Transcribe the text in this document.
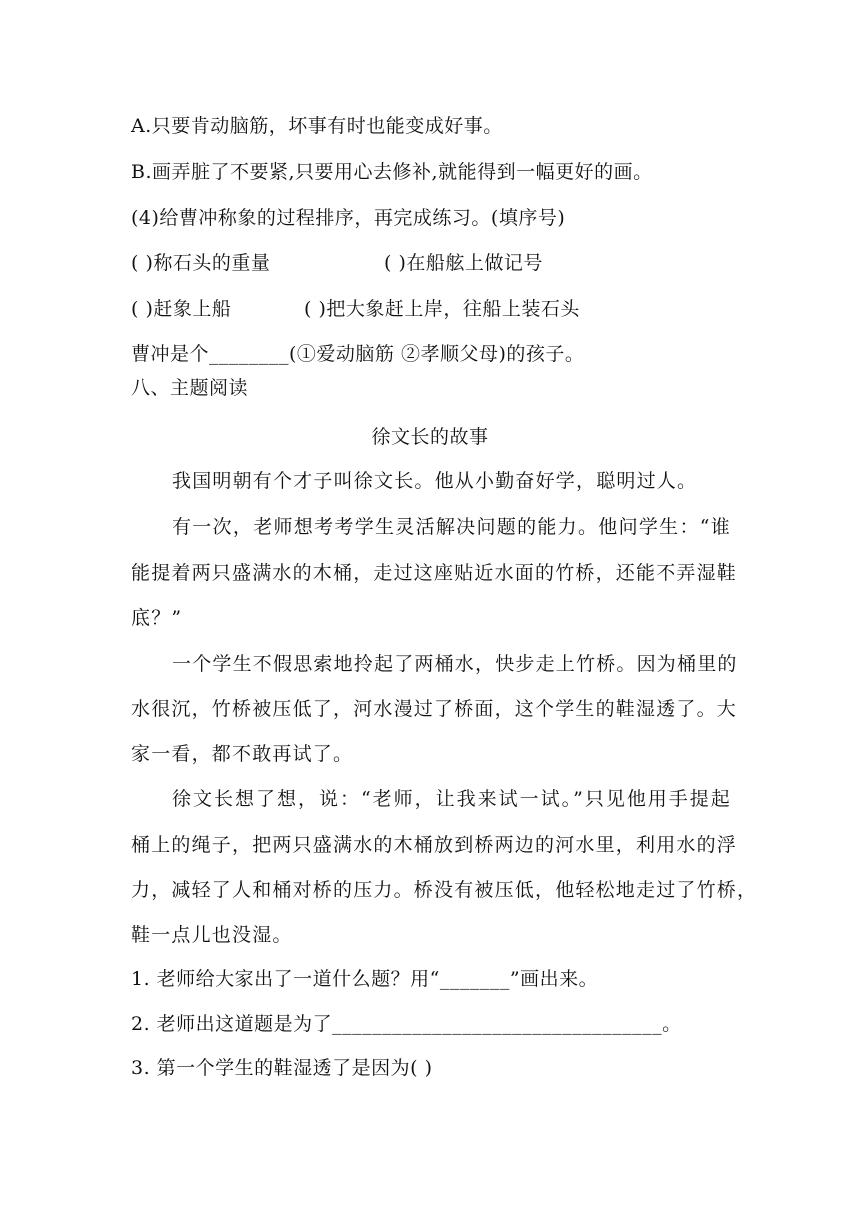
A.只要肯动脑筋，坏事有时也能变成好事。
B.画弄脏了不要紧,只要用心去修补,就能得到一幅更好的画。
(4)给曹冲称象的过程排序，再完成练习。(填序号)
( )称石头的重量	( )在船舷上做记号
( )赶象上船	( )把大象赶上岸，往船上装石头
曹冲是个________(①爱动脑筋 ②孝顺父母)的孩子。
八、主题阅读
徐文长的故事
我国明朝有个才子叫徐文长。他从小勤奋好学，聪明过人。
有一次，老师想考考学生灵活解决问题的能力。他问学生：“谁
能提着两只盛满水的木桶，走过这座贴近水面的竹桥，还能不弄湿鞋
底？”
一个学生不假思索地拎起了两桶水，快步走上竹桥。因为桶里的
水很沉，竹桥被压低了，河水漫过了桥面，这个学生的鞋湿透了。大
家一看，都不敢再试了。
徐文长想了想，说：“老师，让我来试一试。”只见他用手提起
桶上的绳子，把两只盛满水的木桶放到桥两边的河水里，利用水的浮
力，减轻了人和桶对桥的压力。桥没有被压低，他轻松地走过了竹桥，
鞋一点儿也没湿。
1. 老师给大家出了一道什么题？用“_______”画出来。
2. 老师出这道题是为了_________________________________。
3. 第一个学生的鞋湿透了是因为( )
